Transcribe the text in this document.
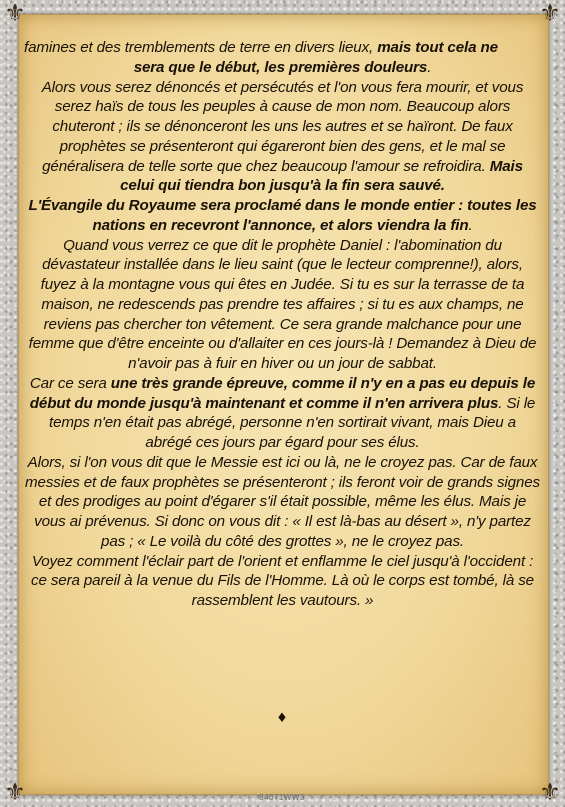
⚜	⚜
⚜	⚜

famines et des tremblements de terre en divers lieux, mais tout cela ne

sera que le début, les premières douleurs.

Alors vous serez dénoncés et persécutés et l'on vous fera mourir, et vous serez haïs de tous les peuples à cause de mon nom. Beaucoup alors chuteront ; ils se dénonceront les uns les autres et se haïront. De faux prophètes se présenteront qui égareront bien des gens, et le mal se généralisera de telle sorte que chez beaucoup l'amour se refroidira. Mais celui qui tiendra bon jusqu'à la fin sera sauvé.

L'Évangile du Royaume sera proclamé dans le monde entier : toutes les nations en recevront l'annonce, et alors viendra la fin.

Quand vous verrez ce que dit le prophète Daniel : l'abomination du dévastateur installée dans le lieu saint (que le lecteur comprenne!), alors, fuyez à la montagne vous qui êtes en Judée. Si tu es sur la terrasse de ta maison, ne redescends pas prendre tes affaires ; si tu es aux champs, ne reviens pas chercher ton vêtement. Ce sera grande malchance pour une femme que d'être enceinte ou d'allaiter en ces jours-là ! Demandez à Dieu de n'avoir pas à fuir en hiver ou un jour de sabbat.

Car ce sera une très grande épreuve, comme il n'y en a pas eu depuis le début du monde jusqu'à maintenant et comme il n'en arrivera plus. Si le temps n'en était pas abrégé, personne n'en sortirait vivant, mais Dieu a abrégé ces jours par égard pour ses élus.

Alors, si l'on vous dit que le Messie est ici ou là, ne le croyez pas. Car de faux messies et de faux prophètes se présenteront ; ils feront voir de grands signes et des prodiges au point d'égarer s'il était possible, même les élus. Mais je vous ai prévenus. Si donc on vous dit : « Il est là-bas au désert », n'y partez pas ; « Le voilà du côté des grottes », ne le croyez pas.

Voyez comment l'éclair part de l'orient et enflamme le ciel jusqu'à l'occident : ce sera pareil à la venue du Fils de l'Homme. Là où le corps est tombé, là se rassemblent les vautours. »

♦
84071WW3
